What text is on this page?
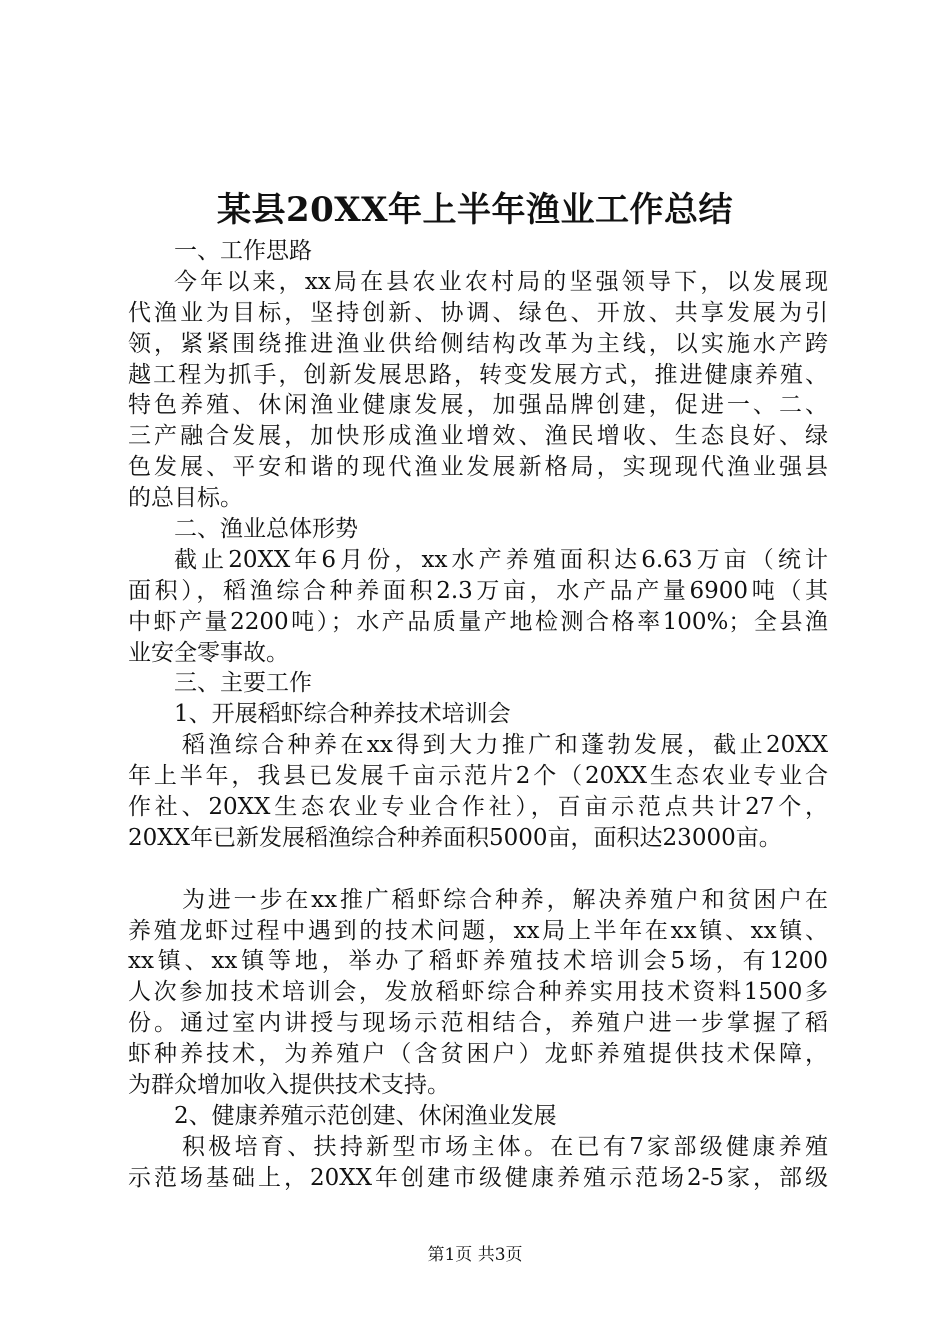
某县20XX年上半年渔业工作总结
一、工作思路
今年以来，xx局在县农业农村局的坚强领导下，以发展现
代渔业为目标，坚持创新、协调、绿色、开放、共享发展为引
领，紧紧围绕推进渔业供给侧结构改革为主线，以实施水产跨
越工程为抓手，创新发展思路，转变发展方式，推进健康养殖、
特色养殖、休闲渔业健康发展，加强品牌创建，促进一、二、
三产融合发展，加快形成渔业增效、渔民增收、生态良好、绿
色发展、平安和谐的现代渔业发展新格局，实现现代渔业强县
的总目标。
二、渔业总体形势
截止20XX年6月份，xx水产养殖面积达6.63万亩（统计
面积），稻渔综合种养面积2.3万亩，水产品产量6900吨（其
中虾产量2200吨）；水产品质量产地检测合格率100%；全县渔
业安全零事故。
三、主要工作
1、开展稻虾综合种养技术培训会
稻渔综合种养在xx得到大力推广和蓬勃发展，截止20XX
年上半年，我县已发展千亩示范片2个（20XX生态农业专业合
作社、20XX生态农业专业合作社），百亩示范点共计27个，
20XX年已新发展稻渔综合种养面积5000亩，面积达23000亩。
为进一步在xx推广稻虾综合种养，解决养殖户和贫困户在
养殖龙虾过程中遇到的技术问题，xx局上半年在xx镇、xx镇、
xx镇、xx镇等地，举办了稻虾养殖技术培训会5场，有1200
人次参加技术培训会，发放稻虾综合种养实用技术资料1500多
份。通过室内讲授与现场示范相结合，养殖户进一步掌握了稻
虾种养技术，为养殖户（含贫困户）龙虾养殖提供技术保障，
为群众增加收入提供技术支持。
2、健康养殖示范创建、休闲渔业发展
积极培育、扶持新型市场主体。在已有7家部级健康养殖
示范场基础上，20XX年创建市级健康养殖示范场2-5家，部级
第1页 共3页
